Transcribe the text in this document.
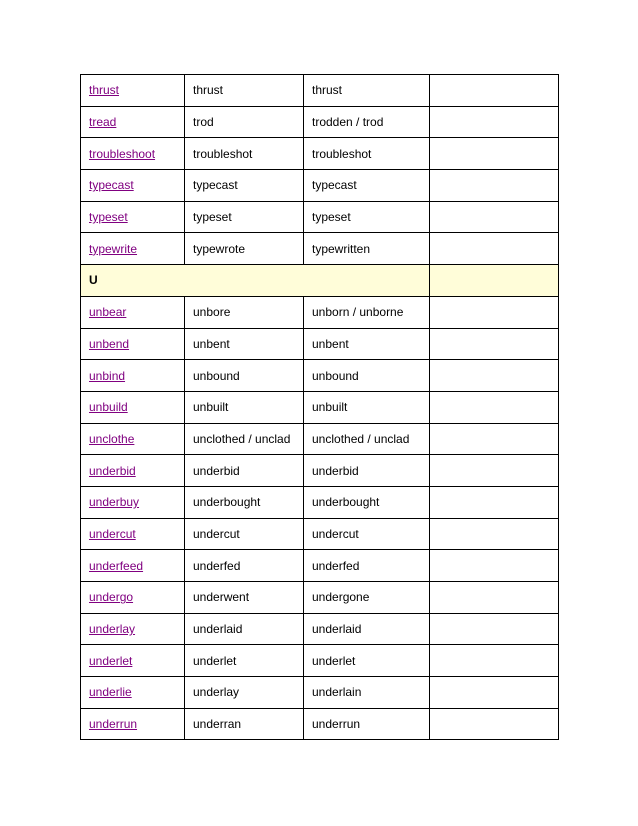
thrust	thrust	thrust	
tread	trod	trodden / trod	
troubleshoot	troubleshot	troubleshot	
typecast	typecast	typecast	
typeset	typeset	typeset	
typewrite	typewrote	typewritten	
U			
unbear	unbore	unborn / unborne	
unbend	unbent	unbent	
unbind	unbound	unbound	
unbuild	unbuilt	unbuilt	
unclothe	unclothed / unclad	unclothed / unclad	
underbid	underbid	underbid	
underbuy	underbought	underbought	
undercut	undercut	undercut	
underfeed	underfed	underfed	
undergo	underwent	undergone	
underlay	underlaid	underlaid	
underlet	underlet	underlet	
underlie	underlay	underlain	
underrun	underran	underrun	
